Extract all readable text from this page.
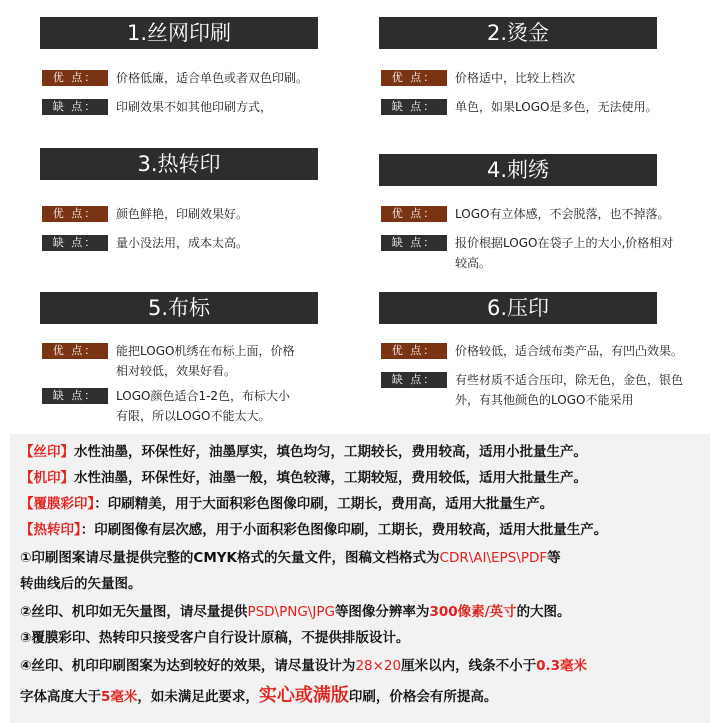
1.丝网印刷
优 点：	价格低廉，适合单色或者双色印刷。
缺 点：	印刷效果不如其他印刷方式，
2.烫金
优 点：	价格适中，比较上档次
缺 点：	单色，如果LOGO是多色，无法使用。
3.热转印
优 点：	颜色鲜艳，印刷效果好。
缺 点：	量小没法用，成本太高。
4.刺绣
优 点：	LOGO有立体感，不会脱落，也不掉落。
缺 点：	报价根据LOGO在袋子上的大小,价格相对较高。
5.布标
优 点：	能把LOGO机绣在布标上面，价格相对较低，效果好看。
缺 点：	LOGO颜色适合1-2色，布标大小有限，所以LOGO不能太大。
6.压印
优 点：	价格较低，适合绒布类产品，有凹凸效果。
缺 点：	有些材质不适合压印，除无色，金色，银色外，有其他颜色的LOGO不能采用
【丝印】水性油墨，环保性好，油墨厚实，填色均匀，工期较长，费用较高，适用小批量生产。
【机印】水性油墨，环保性好，油墨一般，填色较薄，工期较短，费用较低，适用大批量生产。
【覆膜彩印】：印刷精美，用于大面积彩色图像印刷，工期长，费用高，适用大批量生产。
【热转印】：印刷图像有层次感，用于小面积彩色图像印刷，工期长，费用较高，适用大批量生产。
①印刷图案请尽量提供完整的CMYK格式的矢量文件，图稿文档格式为CDR\AI\EPS\PDF等
转曲线后的矢量图。
②丝印、机印如无矢量图，请尽量提供PSD\PNG\JPG等图像分辨率为300像素/英寸的大图。
③覆膜彩印、热转印只接受客户自行设计原稿，不提供排版设计。
④丝印、机印印刷图案为达到较好的效果，请尽量设计为28×20厘米以内，线条不小于0.3毫米
字体高度大于5毫米，如未满足此要求，实心或满版印刷，价格会有所提高。
